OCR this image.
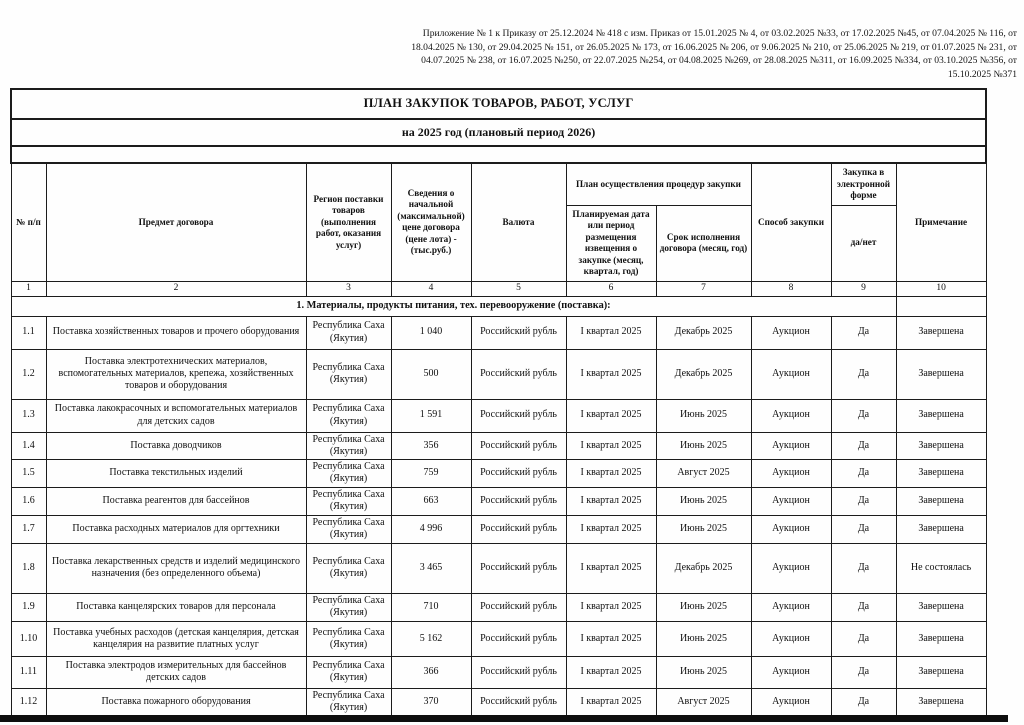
Приложение № 1 к Приказу от 25.12.2024 № 418 с изм. Приказ от 15.01.2025 № 4, от 03.02.2025 №33, от 17.02.2025 №45, от 07.04.2025 № 116, от
18.04.2025 № 130, от 29.04.2025 № 151, от 26.05.2025 № 173, от 16.06.2025 № 206, от 9.06.2025 № 210, от 25.06.2025 № 219, от 01.07.2025 № 231, от
04.07.2025 № 238, от 16.07.2025 №250, от 22.07.2025 №254, от 04.08.2025 №269, от 28.08.2025 №311, от 16.09.2025 №334, от 03.10.2025 №356, от
15.10.2025 №371
ПЛАН ЗАКУПОК ТОВАРОВ, РАБОТ, УСЛУГ									
на 2025 год (плановый период 2026)									

№ п/п	Предмет договора	Регион поставки товаров (выполнения работ, оказания услуг)	Сведения о начальной (максимальной) цене договора (цене лота) - (тыс.руб.)	Валюта	План осуществления процедур закупки		Способ закупки	Закупка в электронной форме	Примечание
					Планируемая дата или период размещения извещения о закупке (месяц, квартал, год)	Срок исполнения договора (месяц, год)		да/нет	
1	2	3	4	5	6	7	8	9	10
1. Материалы, продукты питания, тех. перевооружение (поставка):									
1.1	Поставка хозяйственных товаров и прочего оборудования	Республика Саха (Якутия)	1 040	Российский рубль	I квартал 2025	Декабрь 2025	Аукцион	Да	Завершена
1.2	Поставка электротехнических материалов, вспомогательных материалов, крепежа, хозяйственных товаров и оборудования	Республика Саха (Якутия)	500	Российский рубль	I квартал 2025	Декабрь 2025	Аукцион	Да	Завершена
1.3	Поставка лакокрасочных и вспомогательных материалов для детских садов	Республика Саха (Якутия)	1 591	Российский рубль	I квартал 2025	Июнь 2025	Аукцион	Да	Завершена
1.4	Поставка доводчиков	Республика Саха (Якутия)	356	Российский рубль	I квартал 2025	Июнь 2025	Аукцион	Да	Завершена
1.5	Поставка текстильных изделий	Республика Саха (Якутия)	759	Российский рубль	I квартал 2025	Август 2025	Аукцион	Да	Завершена
1.6	Поставка реагентов для бассейнов	Республика Саха (Якутия)	663	Российский рубль	I квартал 2025	Июнь 2025	Аукцион	Да	Завершена
1.7	Поставка расходных материалов для оргтехники	Республика Саха (Якутия)	4 996	Российский рубль	I квартал 2025	Июнь 2025	Аукцион	Да	Завершена
1.8	Поставка лекарственных средств и изделий медицинского назначения (без определенного объема)	Республика Саха (Якутия)	3 465	Российский рубль	I квартал 2025	Декабрь 2025	Аукцион	Да	Не состоялась
1.9	Поставка канцелярских товаров для персонала	Республика Саха (Якутия)	710	Российский рубль	I квартал 2025	Июнь 2025	Аукцион	Да	Завершена
1.10	Поставка учебных расходов (детская канцелярия, детская канцелярия на развитие платных услуг	Республика Саха (Якутия)	5 162	Российский рубль	I квартал 2025	Июнь 2025	Аукцион	Да	Завершена
1.11	Поставка электродов измерительных для бассейнов детских садов	Республика Саха (Якутия)	366	Российский рубль	I квартал 2025	Июнь 2025	Аукцион	Да	Завершена
1.12	Поставка пожарного оборудования	Республика Саха (Якутия)	370	Российский рубль	I квартал 2025	Август 2025	Аукцион	Да	Завершена
